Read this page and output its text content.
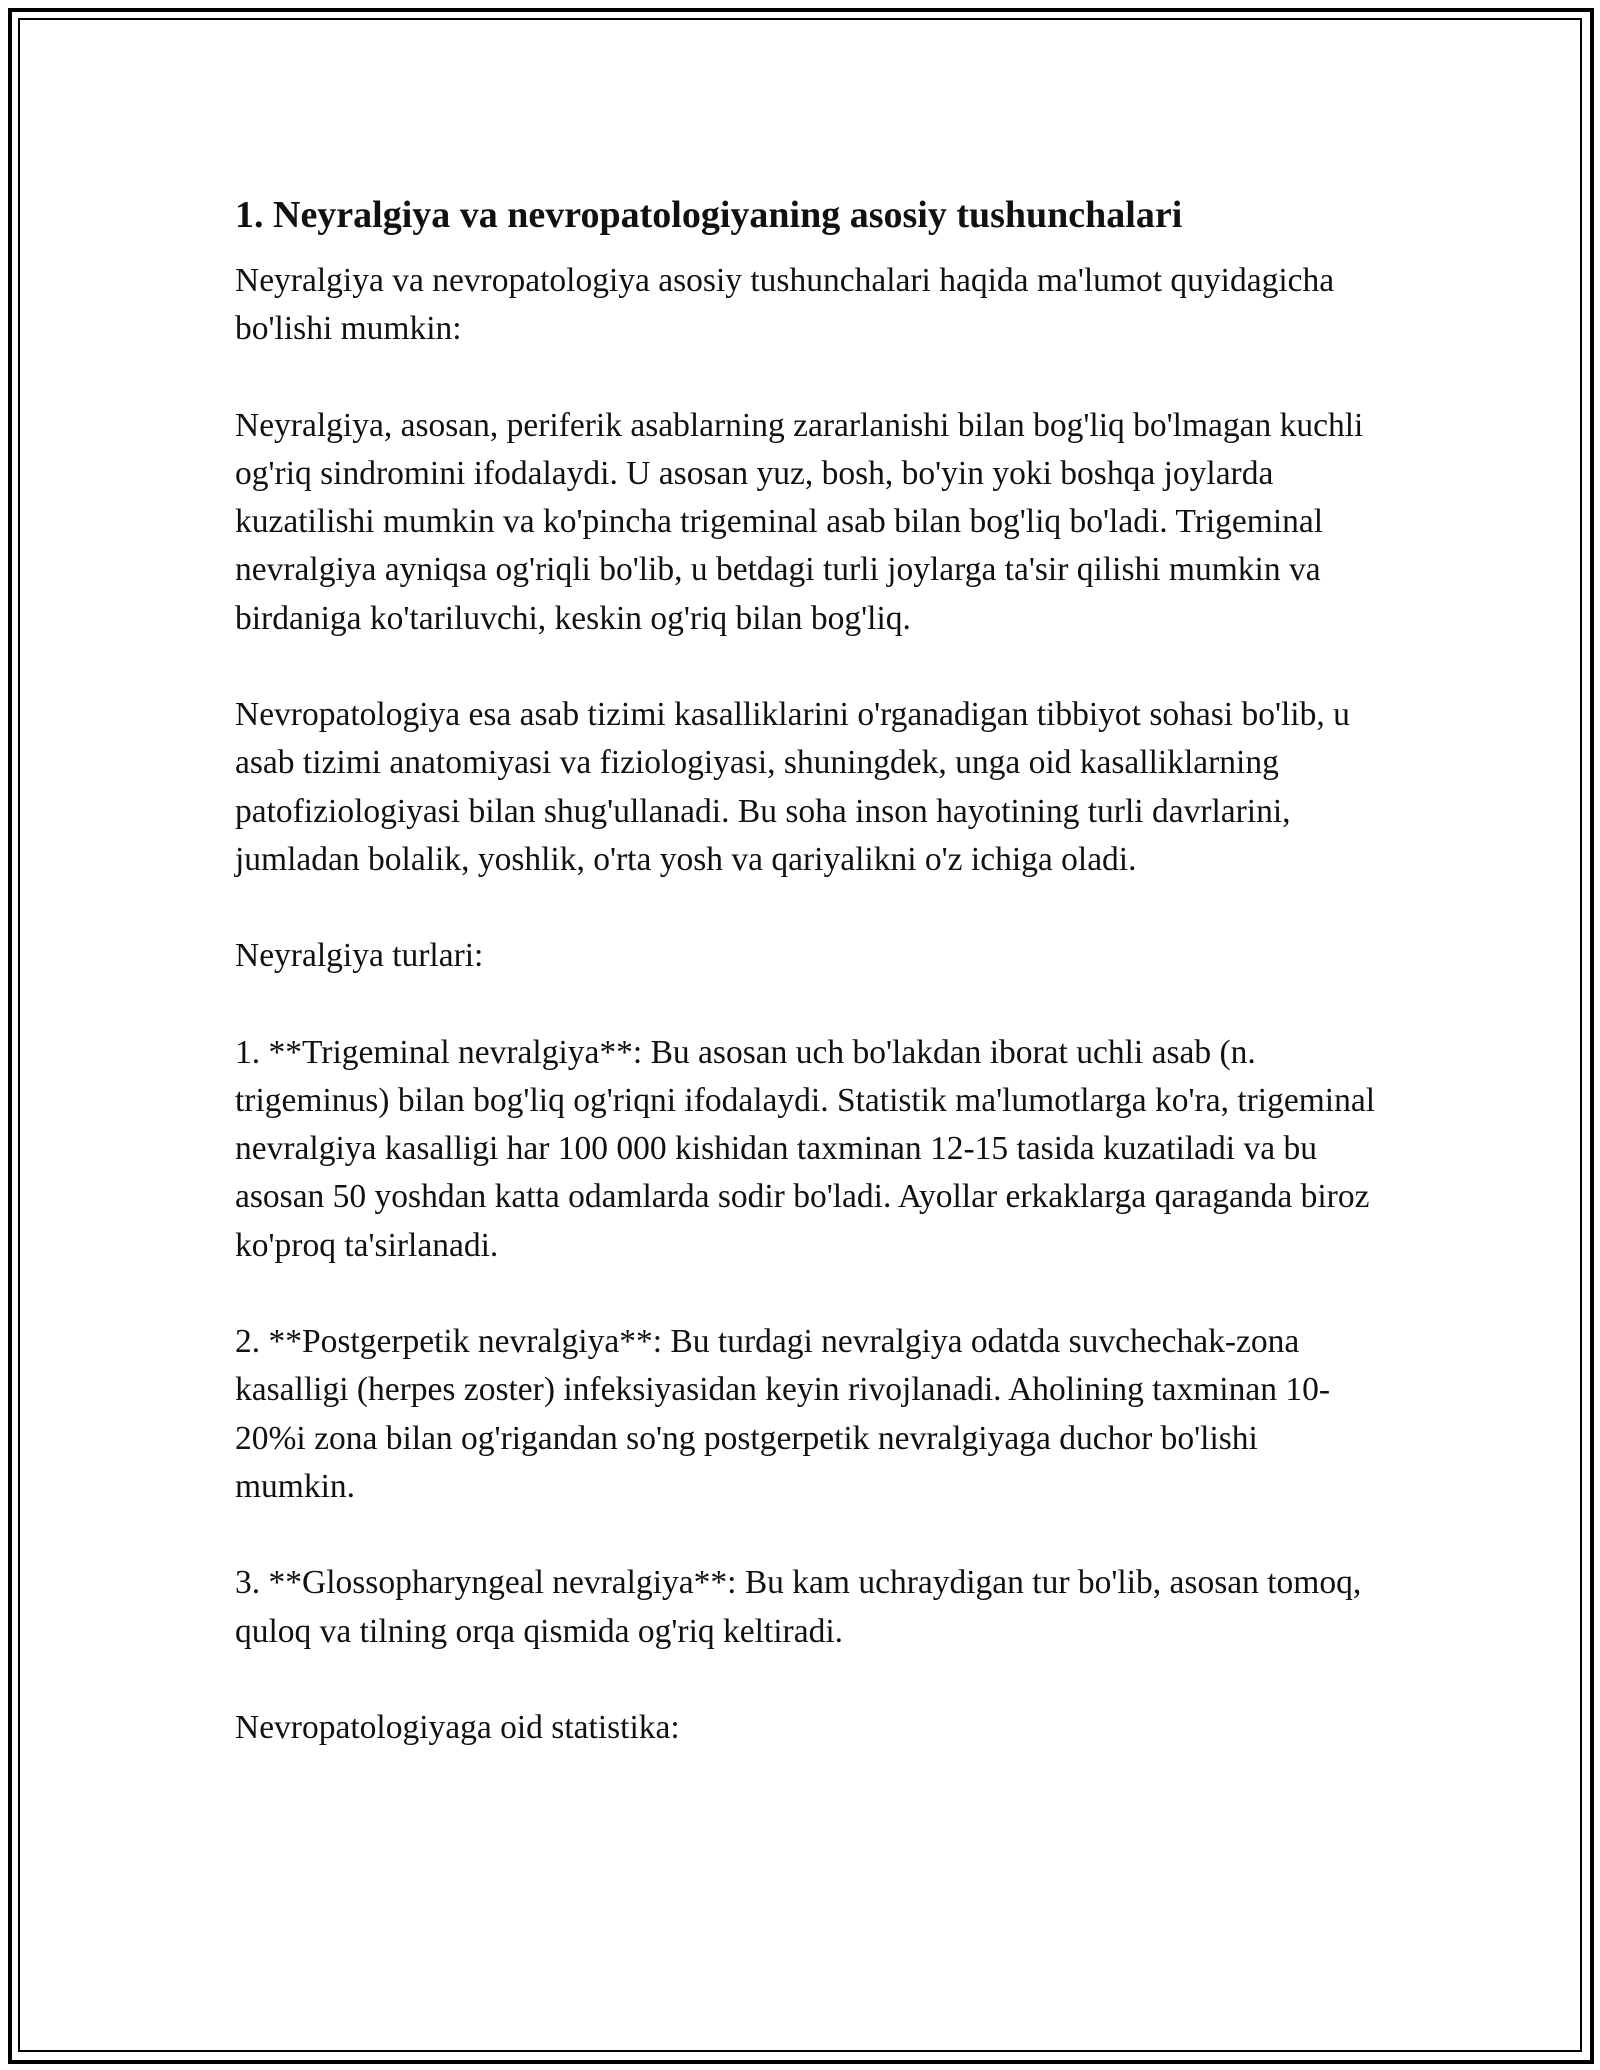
1. Neyralgiya va nevropatologiyaning asosiy tushunchalari

Neyralgiya va nevropatologiya asosiy tushunchalari haqida ma'lumot quyidagicha bo'lishi mumkin:

Neyralgiya, asosan, periferik asablarning zararlanishi bilan bog'liq bo'lmagan kuchli og'riq sindromini ifodalaydi. U asosan yuz, bosh, bo'yin yoki boshqa joylarda kuzatilishi mumkin va ko'pincha trigeminal asab bilan bog'liq bo'ladi. Trigeminal nevralgiya ayniqsa og'riqli bo'lib, u betdagi turli joylarga ta'sir qilishi mumkin va birdaniga ko'tariluvchi, keskin og'riq bilan bog'liq.

Nevropatologiya esa asab tizimi kasalliklarini o'rganadigan tibbiyot sohasi bo'lib, u asab tizimi anatomiyasi va fiziologiyasi, shuningdek, unga oid kasalliklarning patofiziologiyasi bilan shug'ullanadi. Bu soha inson hayotining turli davrlarini, jumladan bolalik, yoshlik, o'rta yosh va qariyalikni o'z ichiga oladi.

Neyralgiya turlari:

1. **Trigeminal nevralgiya**: Bu asosan uch bo'lakdan iborat uchli asab (n. trigeminus) bilan bog'liq og'riqni ifodalaydi. Statistik ma'lumotlarga ko'ra, trigeminal nevralgiya kasalligi har 100 000 kishidan taxminan 12-15 tasida kuzatiladi va bu asosan 50 yoshdan katta odamlarda sodir bo'ladi. Ayollar erkaklarga qaraganda biroz ko'proq ta'sirlanadi.

2. **Postgerpetik nevralgiya**: Bu turdagi nevralgiya odatda suvchechak-zona kasalligi (herpes zoster) infeksiyasidan keyin rivojlanadi. Aholining taxminan 10-20%i zona bilan og'rigandan so'ng postgerpetik nevralgiyaga duchor bo'lishi mumkin.

3. **Glossopharyngeal nevralgiya**: Bu kam uchraydigan tur bo'lib, asosan tomoq, quloq va tilning orqa qismida og'riq keltiradi.

Nevropatologiyaga oid statistika:
